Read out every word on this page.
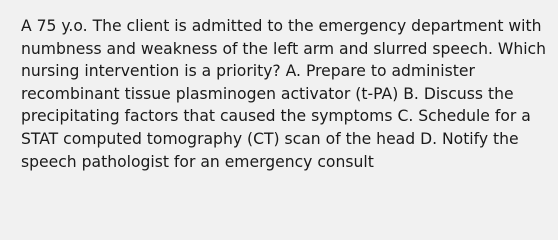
A 75 y.o. The client is admitted to the emergency department with numbness and weakness of the left arm and slurred speech. Which nursing intervention is a priority? A. Prepare to administer recombinant tissue plasminogen activator (t-PA) B. Discuss the precipitating factors that caused the symptoms C. Schedule for a STAT computed tomography (CT) scan of the head D. Notify the speech pathologist for an emergency consult
